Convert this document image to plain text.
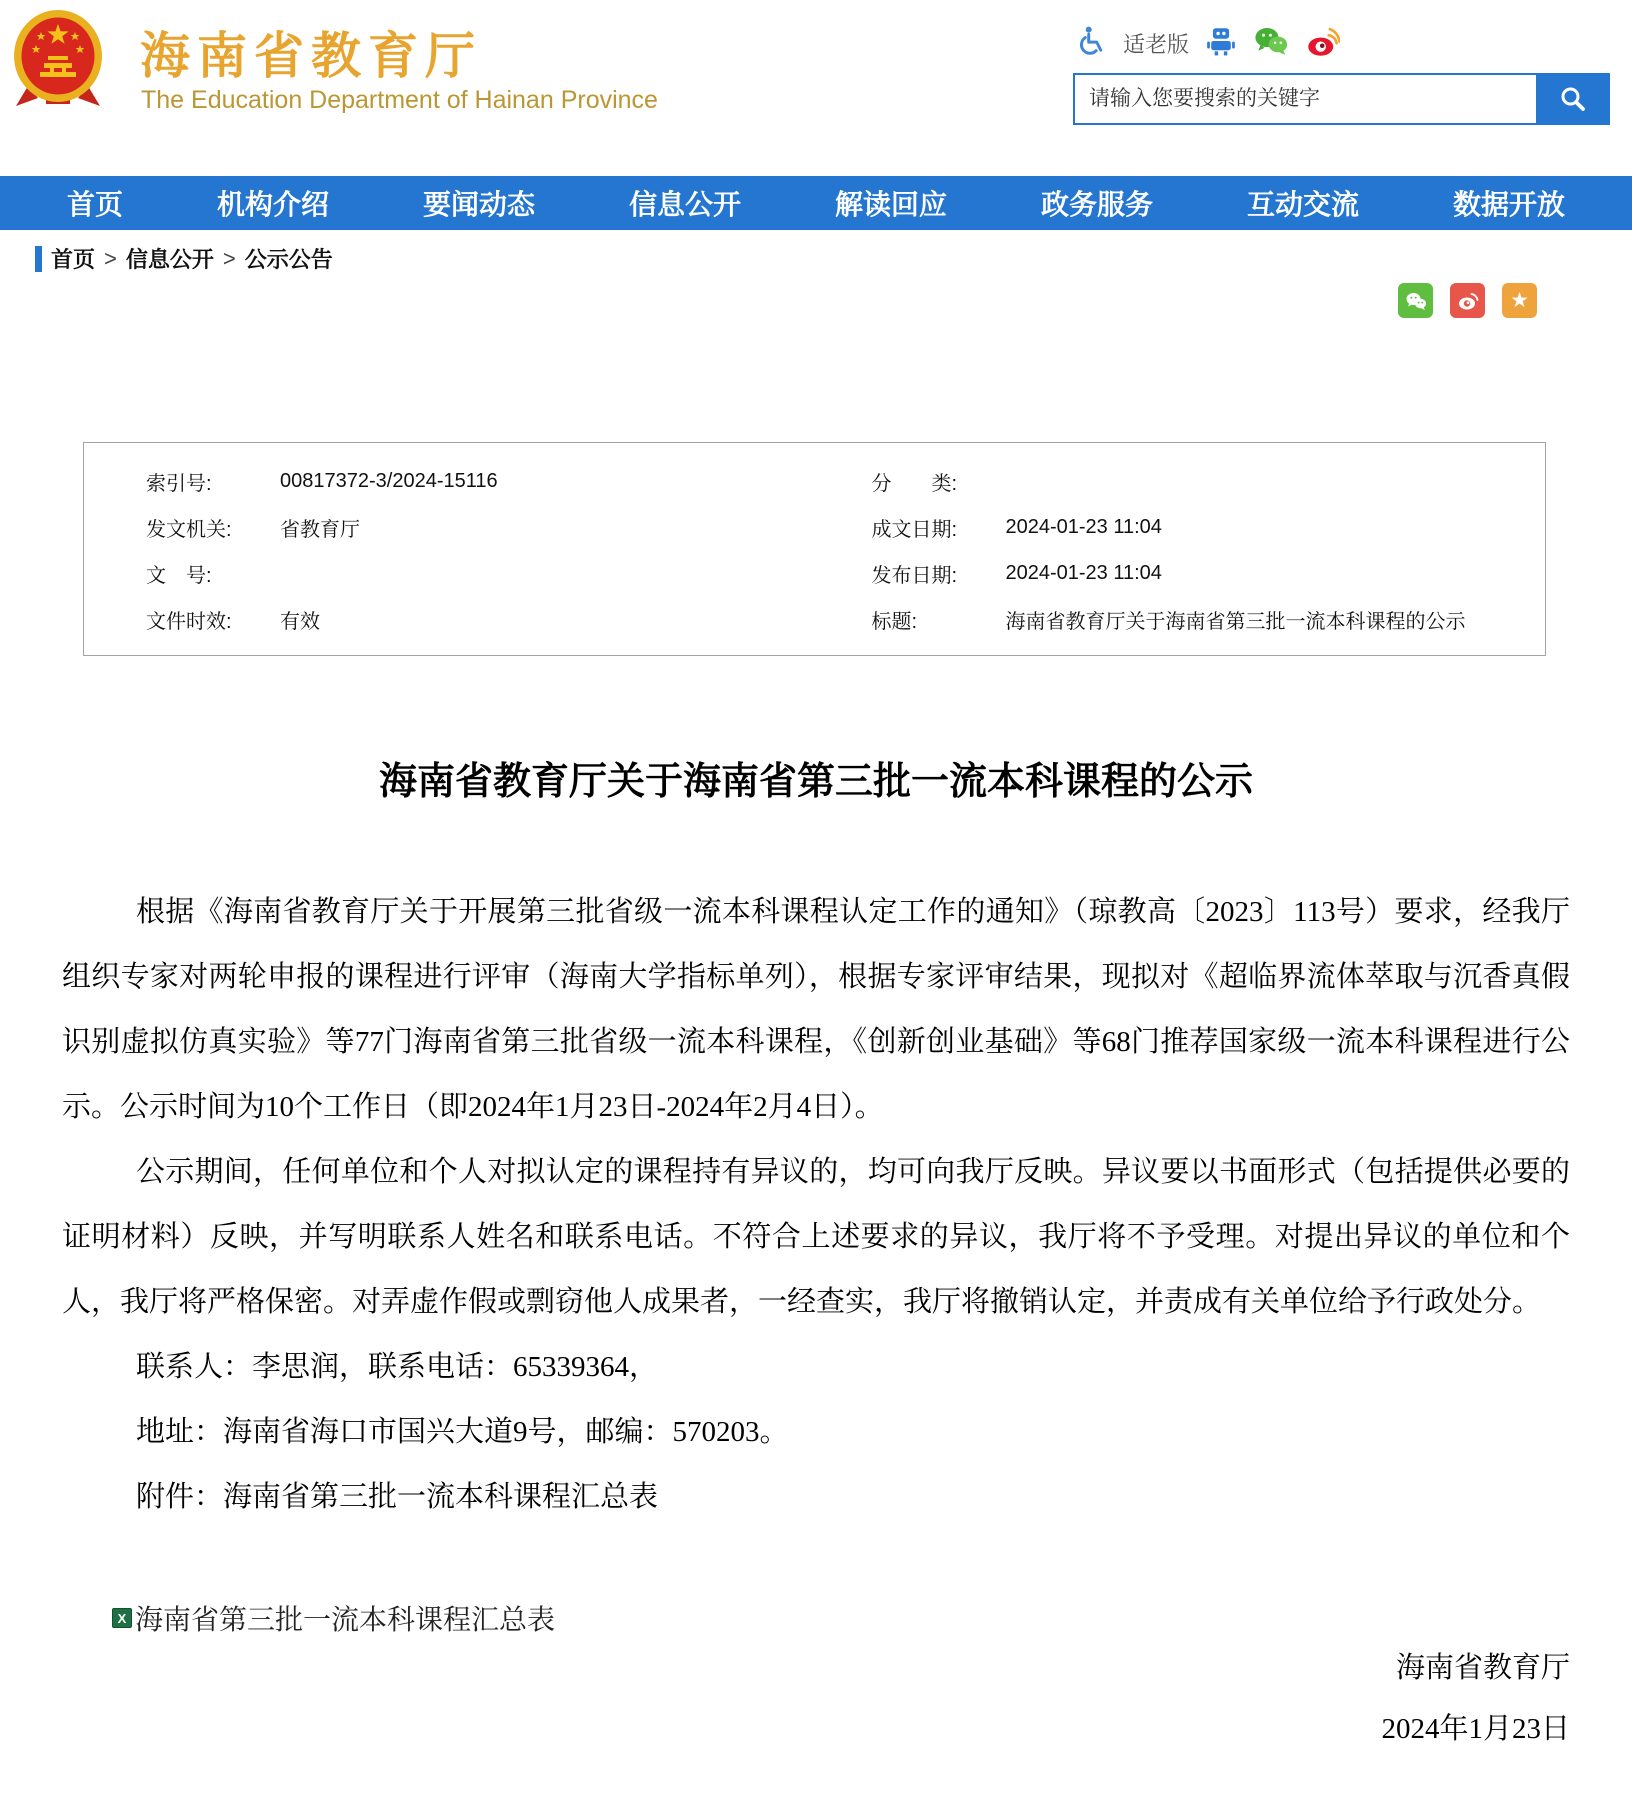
海南省教育厅
The Education Department of Hainan Province
适老版
请输入您要搜索的关键字
首页	机构介绍	要闻动态	信息公开	解读回应	政务服务	互动交流	数据开放
首页 > 信息公开 > 公示公告
★
索引号:	00817372-3/2024-15116
发文机关:	省教育厅
文　号:
文件时效:	有效
分　　类:
成文日期:	2024-01-23 11:04
发布日期:	2024-01-23 11:04
标题:	海南省教育厅关于海南省第三批一流本科课程的公示
海南省教育厅关于海南省第三批一流本科课程的公示

根据《海南省教育厅关于开展第三批省级一流本科课程认定工作的通知》（琼教高〔2023〕113号）要求，经我厅组织专家对两轮申报的课程进行评审（海南大学指标单列），根据专家评审结果，现拟对《超临界流体萃取与沉香真假识别虚拟仿真实验》等77门海南省第三批省级一流本科课程，《创新创业基础》等68门推荐国家级一流本科课程进行公示。公示时间为10个工作日（即2024年1月23日-2024年2月4日）。

公示期间，任何单位和个人对拟认定的课程持有异议的，均可向我厅反映。异议要以书面形式（包括提供必要的证明材料）反映，并写明联系人姓名和联系电话。不符合上述要求的异议，我厅将不予受理。对提出异议的单位和个人，我厅将严格保密。对弄虚作假或剽窃他人成果者，一经查实，我厅将撤销认定，并责成有关单位给予行政处分。

联系人：李思润，联系电话：65339364，

地址：海南省海口市国兴大道9号，邮编：570203。

附件：海南省第三批一流本科课程汇总表

X 海南省第三批一流本科课程汇总表
海南省教育厅
2024年1月23日
